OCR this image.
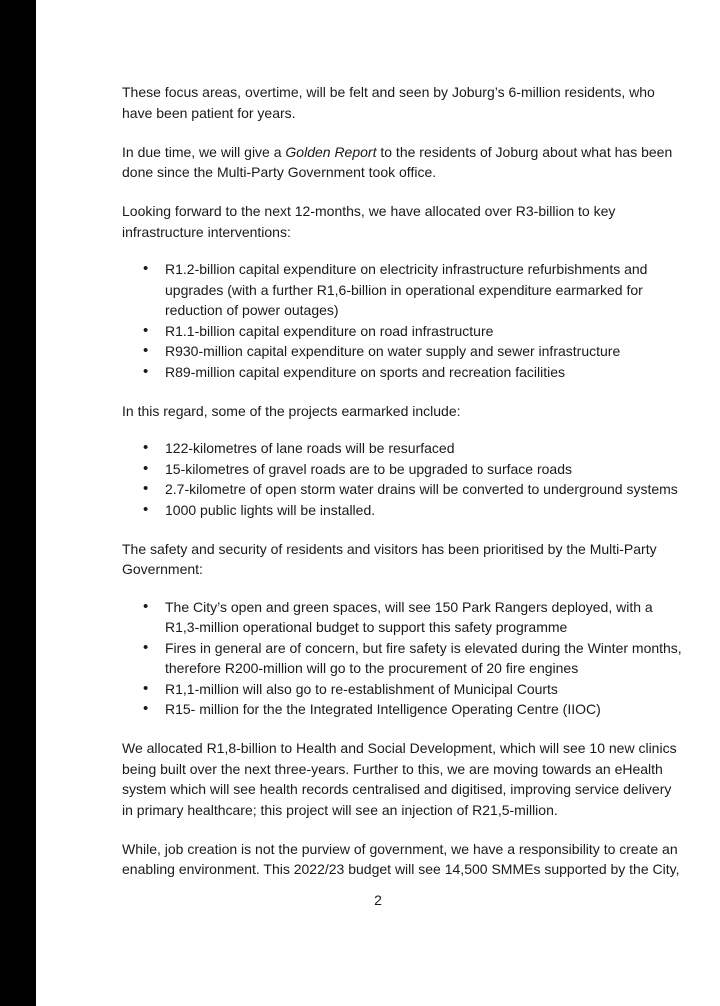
These focus areas, overtime, will be felt and seen by Joburg’s 6-million residents, who have been patient for years.

In due time, we will give a Golden Report to the residents of Joburg about what has been done since the Multi-Party Government took office.

Looking forward to the next 12-months, we have allocated over R3-billion to key infrastructure interventions:

• R1.2-billion capital expenditure on electricity infrastructure refurbishments and upgrades (with a further R1,6-billion in operational expenditure earmarked for reduction of power outages)
• R1.1-billion capital expenditure on road infrastructure
• R930-million capital expenditure on water supply and sewer infrastructure
• R89-million capital expenditure on sports and recreation facilities

In this regard, some of the projects earmarked include:

• 122-kilometres of lane roads will be resurfaced
• 15-kilometres of gravel roads are to be upgraded to surface roads
• 2.7-kilometre of open storm water drains will be converted to underground systems
• 1000 public lights will be installed.

The safety and security of residents and visitors has been prioritised by the Multi-Party Government:

• The City’s open and green spaces, will see 150 Park Rangers deployed, with a R1,3-million operational budget to support this safety programme
• Fires in general are of concern, but fire safety is elevated during the Winter months, therefore R200-million will go to the procurement of 20 fire engines
• R1,1-million will also go to re-establishment of Municipal Courts
• R15- million for the the Integrated Intelligence Operating Centre (IIOC)

We allocated R1,8-billion to Health and Social Development, which will see 10 new clinics being built over the next three-years. Further to this, we are moving towards an eHealth system which will see health records centralised and digitised, improving service delivery in primary healthcare; this project will see an injection of R21,5-million.

While, job creation is not the purview of government, we have a responsibility to create an enabling environment. This 2022/23 budget will see 14,500 SMMEs supported by the City,

2
